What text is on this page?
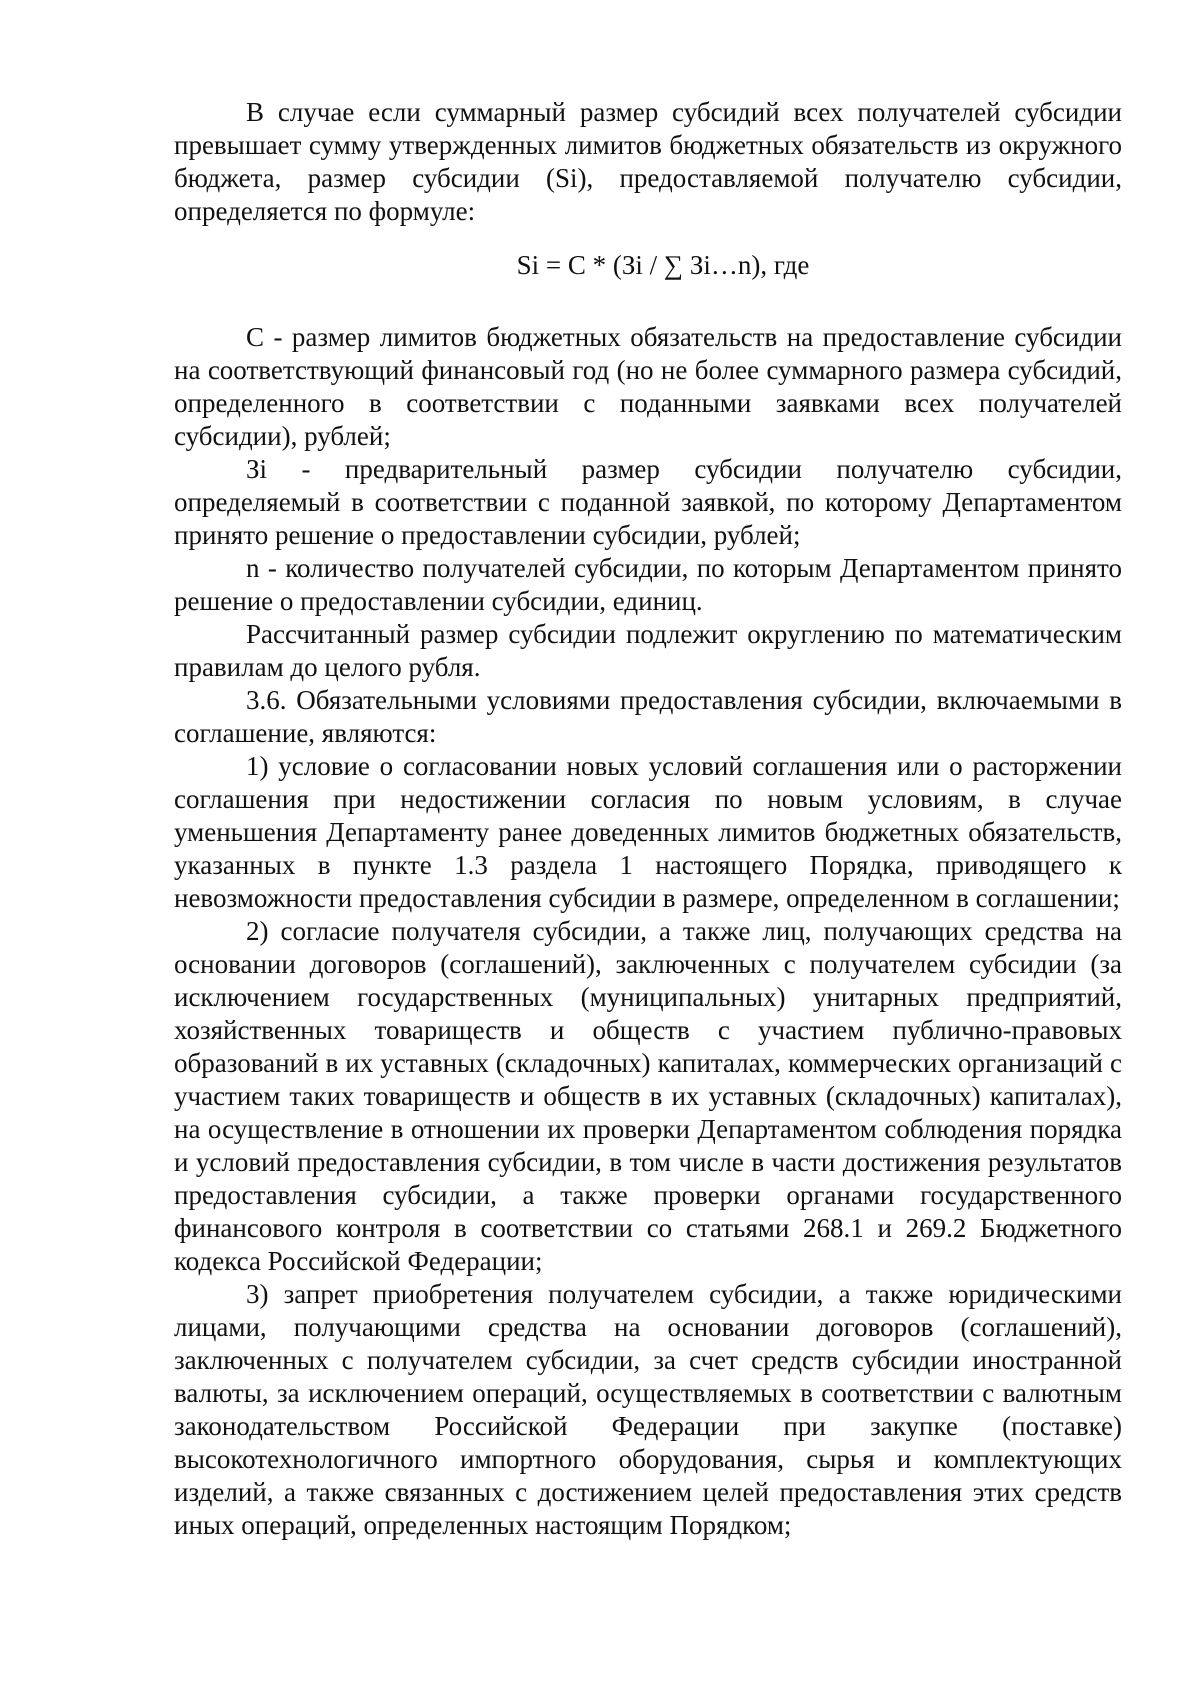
В случае если суммарный размер субсидий всех получателей субсидии превышает сумму утвержденных лимитов бюджетных обязательств из окружного бюджета, размер субсидии (Si), предоставляемой получателю субсидии, определяется по формуле:

Si = C * (Зi / ∑ Зi…n), где

C - размер лимитов бюджетных обязательств на предоставление субсидии на соответствующий финансовый год (но не более суммарного размера субсидий, определенного в соответствии с поданными заявками всех получателей субсидии), рублей;

Зi - предварительный размер субсидии получателю субсидии, определяемый в соответствии с поданной заявкой, по которому Департаментом принято решение о предоставлении субсидии, рублей;

n - количество получателей субсидии, по которым Департаментом принято решение о предоставлении субсидии, единиц.

Рассчитанный размер субсидии подлежит округлению по математическим правилам до целого рубля.

3.6. Обязательными условиями предоставления субсидии, включаемыми в соглашение, являются:

1) условие о согласовании новых условий соглашения или о расторжении соглашения при недостижении согласия по новым условиям, в случае уменьшения Департаменту ранее доведенных лимитов бюджетных обязательств, указанных в пункте 1.3 раздела 1 настоящего Порядка, приводящего к невозможности предоставления субсидии в размере, определенном в соглашении;

2) согласие получателя субсидии, а также лиц, получающих средства на основании договоров (соглашений), заключенных с получателем субсидии (за исключением государственных (муниципальных) унитарных предприятий, хозяйственных товариществ и обществ с участием публично-правовых образований в их уставных (складочных) капиталах, коммерческих организаций с участием таких товариществ и обществ в их уставных (складочных) капиталах), на осуществление в отношении их проверки Департаментом соблюдения порядка и условий предоставления субсидии, в том числе в части достижения результатов предоставления субсидии, а также проверки органами государственного финансового контроля в соответствии со статьями 268.1 и 269.2 Бюджетного кодекса Российской Федерации;

3) запрет приобретения получателем субсидии, а также юридическими лицами, получающими средства на основании договоров (соглашений), заключенных с получателем субсидии, за счет средств субсидии иностранной валюты, за исключением операций, осуществляемых в соответствии с валютным законодательством Российской Федерации при закупке (поставке) высокотехнологичного импортного оборудования, сырья и комплектующих изделий, а также связанных с достижением целей предоставления этих средств иных операций, определенных настоящим Порядком;
